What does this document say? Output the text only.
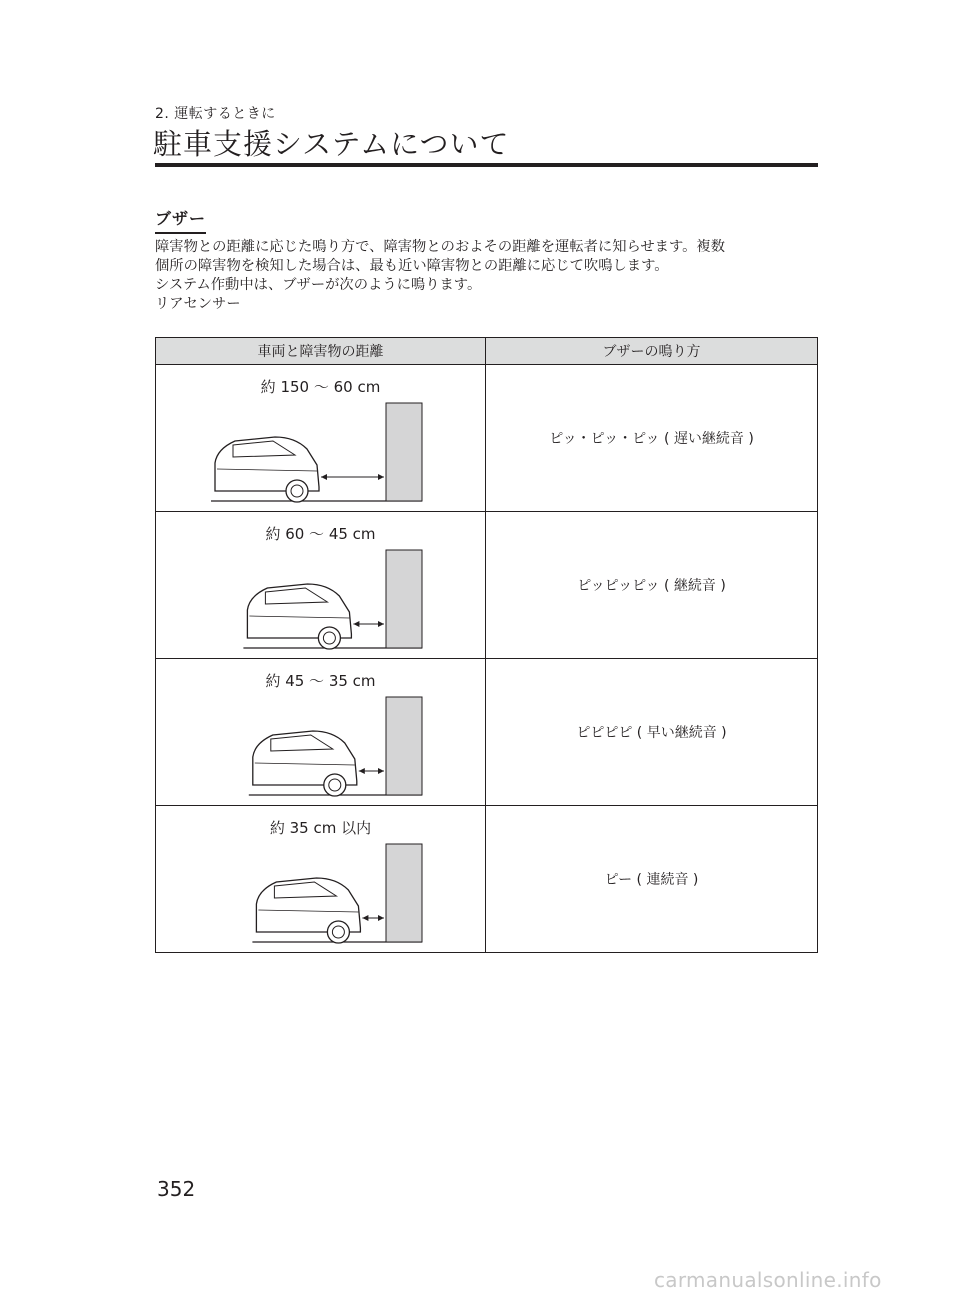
2. 運転するときに
駐車支援システムについて
ブザー

障害物との距離に応じた鳴り方で、障害物とのおよその距離を運転者に知らせます。複数
個所の障害物を検知した場合は、最も近い障害物との距離に応じて吹鳴します。
システム作動中は、ブザーが次のように鳴ります。
リアセンサー

車両と障害物の距離	ブザーの鳴り方

約 150 ～ 60 cm	ピッ・ピッ・ピッ ( 遅い継続音 )

約 60 ～ 45 cm	ピッピッピッ ( 継続音 )

約 45 ～ 35 cm	ピピピピ ( 早い継続音 )

約 35 cm 以内	ピー ( 連続音 )
352
carmanualsonline.info
